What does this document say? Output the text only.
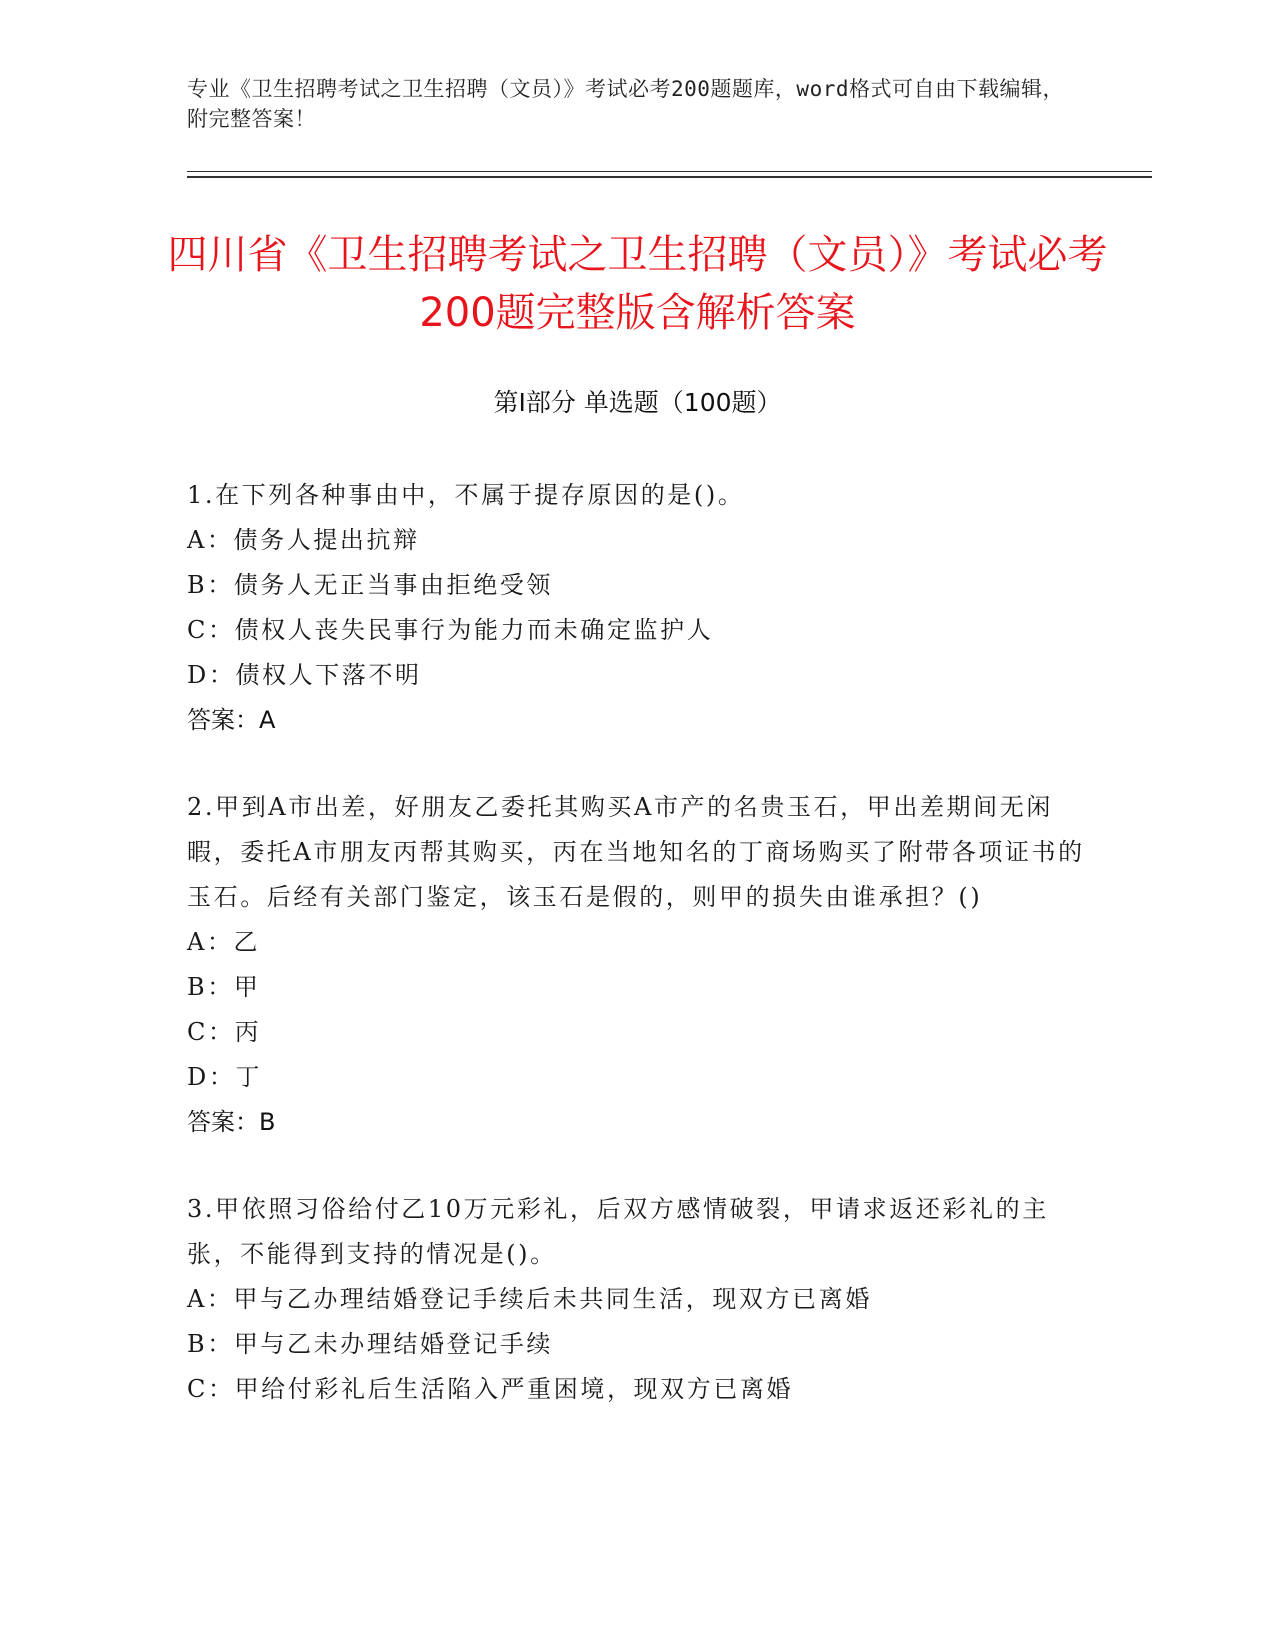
专业《卫生招聘考试之卫生招聘（文员）》考试必考200题题库，word格式可自由下载编辑，附完整答案！
四川省《卫生招聘考试之卫生招聘（文员）》考试必考200题完整版含解析答案
第Ⅰ部分 单选题（100题）

1.在下列各种事由中，不属于提存原因的是()。

A：债务人提出抗辩

B：债务人无正当事由拒绝受领

C：债权人丧失民事行为能力而未确定监护人

D：债权人下落不明

答案：A

2.甲到A市出差，好朋友乙委托其购买A市产的名贵玉石，甲出差期间无闲暇，委托A市朋友丙帮其购买，丙在当地知名的丁商场购买了附带各项证书的玉石。后经有关部门鉴定，该玉石是假的，则甲的损失由谁承担？()

A：乙

B：甲

C：丙

D：丁

答案：B

3.甲依照习俗给付乙10万元彩礼，后双方感情破裂，甲请求返还彩礼的主张，不能得到支持的情况是()。

A：甲与乙办理结婚登记手续后未共同生活，现双方已离婚

B：甲与乙未办理结婚登记手续

C：甲给付彩礼后生活陷入严重困境，现双方已离婚
